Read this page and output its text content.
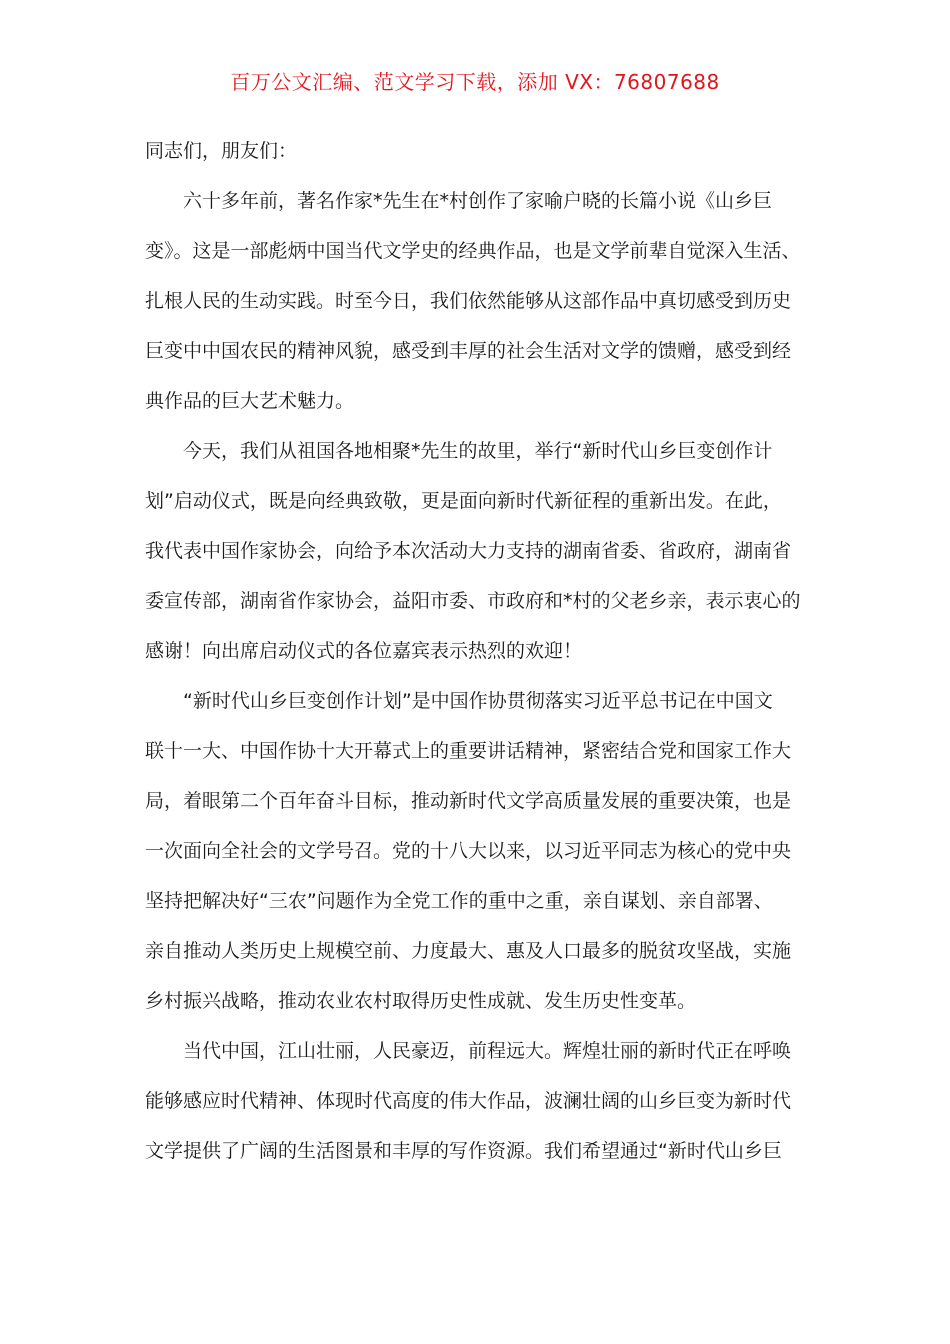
百万公文汇编、范文学习下载，添加 VX：76807688
同志们，朋友们：
六十多年前，著名作家*先生在*村创作了家喻户晓的长篇小说《山乡巨
变》。这是一部彪炳中国当代文学史的经典作品，也是文学前辈自觉深入生活、
扎根人民的生动实践。时至今日，我们依然能够从这部作品中真切感受到历史
巨变中中国农民的精神风貌，感受到丰厚的社会生活对文学的馈赠，感受到经
典作品的巨大艺术魅力。
今天，我们从祖国各地相聚*先生的故里，举行“新时代山乡巨变创作计
划”启动仪式，既是向经典致敬，更是面向新时代新征程的重新出发。在此，
我代表中国作家协会，向给予本次活动大力支持的湖南省委、省政府，湖南省
委宣传部，湖南省作家协会，益阳市委、市政府和*村的父老乡亲，表示衷心的
感谢！向出席启动仪式的各位嘉宾表示热烈的欢迎！
“新时代山乡巨变创作计划”是中国作协贯彻落实习近平总书记在中国文
联十一大、中国作协十大开幕式上的重要讲话精神，紧密结合党和国家工作大
局，着眼第二个百年奋斗目标，推动新时代文学高质量发展的重要决策，也是
一次面向全社会的文学号召。党的十八大以来，以习近平同志为核心的党中央
坚持把解决好“三农”问题作为全党工作的重中之重，亲自谋划、亲自部署、
亲自推动人类历史上规模空前、力度最大、惠及人口最多的脱贫攻坚战，实施
乡村振兴战略，推动农业农村取得历史性成就、发生历史性变革。
当代中国，江山壮丽，人民豪迈，前程远大。辉煌壮丽的新时代正在呼唤
能够感应时代精神、体现时代高度的伟大作品，波澜壮阔的山乡巨变为新时代
文学提供了广阔的生活图景和丰厚的写作资源。我们希望通过“新时代山乡巨
